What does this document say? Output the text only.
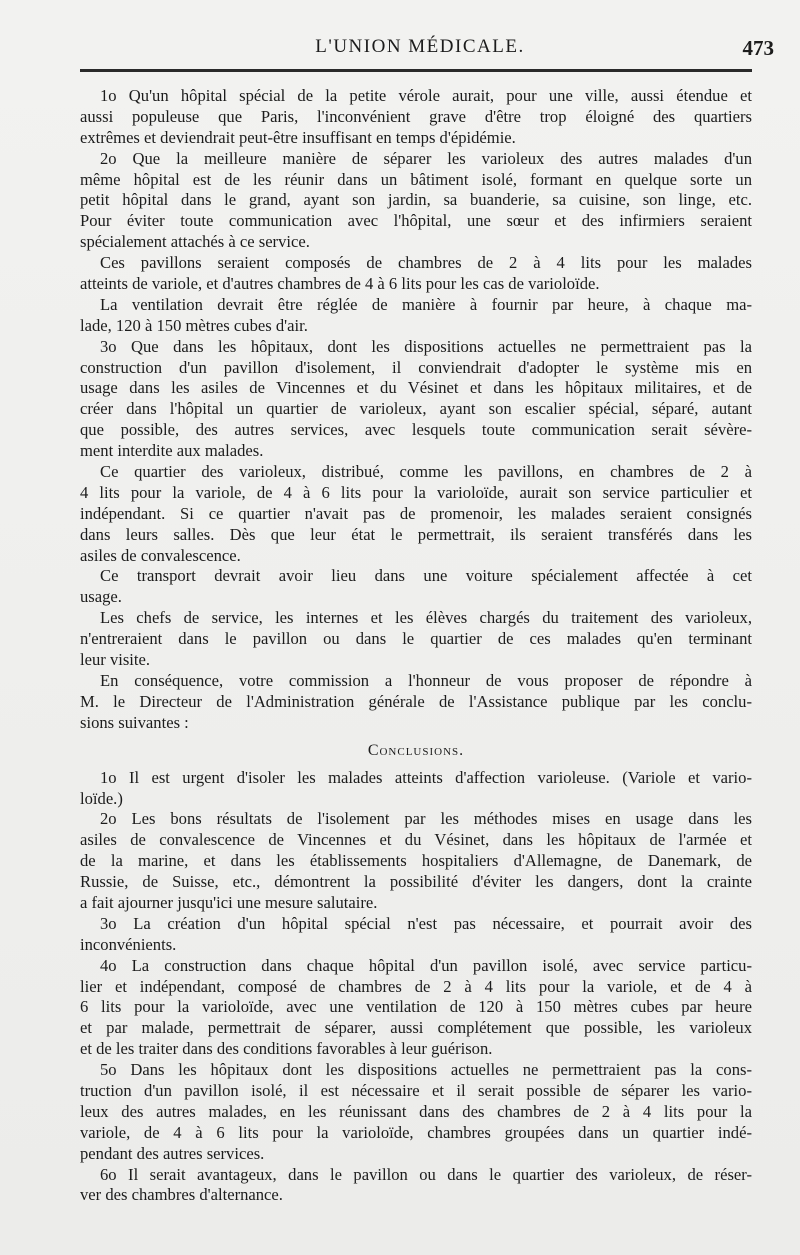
L'UNION MÉDICALE.	473
1o Qu'un hôpital spécial de la petite vérole aurait, pour une ville, aussi étendue et
aussi populeuse que Paris, l'inconvénient grave d'être trop éloigné des quartiers
extrêmes et deviendrait peut-être insuffisant en temps d'épidémie.
2o Que la meilleure manière de séparer les varioleux des autres malades d'un
même hôpital est de les réunir dans un bâtiment isolé, formant en quelque sorte un
petit hôpital dans le grand, ayant son jardin, sa buanderie, sa cuisine, son linge, etc.
Pour éviter toute communication avec l'hôpital, une sœur et des infirmiers seraient
spécialement attachés à ce service.
Ces pavillons seraient composés de chambres de 2 à 4 lits pour les malades
atteints de variole, et d'autres chambres de 4 à 6 lits pour les cas de varioloïde.
La ventilation devrait être réglée de manière à fournir par heure, à chaque ma-
lade, 120 à 150 mètres cubes d'air.
3o Que dans les hôpitaux, dont les dispositions actuelles ne permettraient pas la
construction d'un pavillon d'isolement, il conviendrait d'adopter le système mis en
usage dans les asiles de Vincennes et du Vésinet et dans les hôpitaux militaires, et de
créer dans l'hôpital un quartier de varioleux, ayant son escalier spécial, séparé, autant
que possible, des autres services, avec lesquels toute communication serait sévère-
ment interdite aux malades.
Ce quartier des varioleux, distribué, comme les pavillons, en chambres de 2 à
4 lits pour la variole, de 4 à 6 lits pour la varioloïde, aurait son service particulier et
indépendant. Si ce quartier n'avait pas de promenoir, les malades seraient consignés
dans leurs salles. Dès que leur état le permettrait, ils seraient transférés dans les
asiles de convalescence.
Ce transport devrait avoir lieu dans une voiture spécialement affectée à cet
usage.
Les chefs de service, les internes et les élèves chargés du traitement des varioleux,
n'entreraient dans le pavillon ou dans le quartier de ces malades qu'en terminant
leur visite.
En conséquence, votre commission a l'honneur de vous proposer de répondre à
M. le Directeur de l'Administration générale de l'Assistance publique par les conclu-
sions suivantes :
Conclusions.
1o Il est urgent d'isoler les malades atteints d'affection varioleuse. (Variole et vario-
loïde.)
2o Les bons résultats de l'isolement par les méthodes mises en usage dans les
asiles de convalescence de Vincennes et du Vésinet, dans les hôpitaux de l'armée et
de la marine, et dans les établissements hospitaliers d'Allemagne, de Danemark, de
Russie, de Suisse, etc., démontrent la possibilité d'éviter les dangers, dont la crainte
a fait ajourner jusqu'ici une mesure salutaire.
3o La création d'un hôpital spécial n'est pas nécessaire, et pourrait avoir des
inconvénients.
4o La construction dans chaque hôpital d'un pavillon isolé, avec service particu-
lier et indépendant, composé de chambres de 2 à 4 lits pour la variole, et de 4 à
6 lits pour la varioloïde, avec une ventilation de 120 à 150 mètres cubes par heure
et par malade, permettrait de séparer, aussi complétement que possible, les varioleux
et de les traiter dans des conditions favorables à leur guérison.
5o Dans les hôpitaux dont les dispositions actuelles ne permettraient pas la cons-
truction d'un pavillon isolé, il est nécessaire et il serait possible de séparer les vario-
leux des autres malades, en les réunissant dans des chambres de 2 à 4 lits pour la
variole, de 4 à 6 lits pour la varioloïde, chambres groupées dans un quartier indé-
pendant des autres services.
6o Il serait avantageux, dans le pavillon ou dans le quartier des varioleux, de réser-
ver des chambres d'alternance.
